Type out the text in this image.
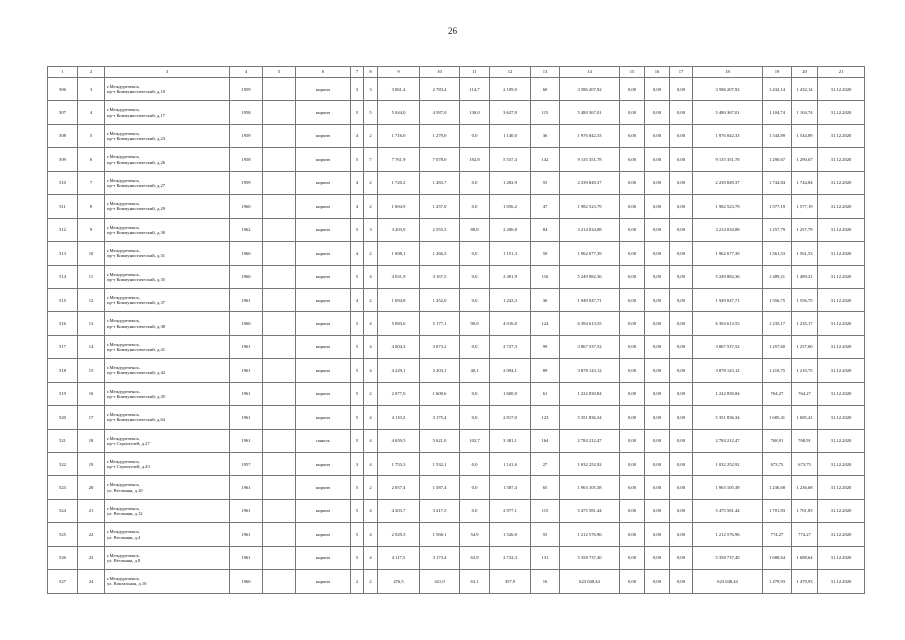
26
1	2	3	4	5	6	7	8	9	10	11	12	13	14	15	16	17	18	19	20	21
506	3	г.Междуреченск,
пр-т Коммунистический, д.10	1959		кирпич	3	3	3 861,4	2 783,4	114,7	2 109,0	60	3 586 207,92	0,00	0,00	0,00	3 586 207,92	1 432,14	1 432,14	31.12.2020
507	4	г.Междуреченск,
пр-т Коммунистический, д.17	1958		кирпич	5	5	5 044,0	4 587,0	130,0	3 627,9	115	5 480 367,01	0,00	0,00	0,00	5 480 367,01	1 104,74	1 104,74	31.12.2020
508	5	г.Междуреченск,
пр-т Коммунистический, д.23	1959		кирпич	4	2	1 716,0	1 279,0	0,0	1 140,0	36	1 976 842,33	0,00	0,00	0,00	1 976 842,33	1 544,89	1 544,89	31.12.2020
509	6	г.Междуреченск,
пр-т Коммунистический, д.26	1958		кирпич	5	7	7 761,9	7 078,0	192,8	5 537,4	142	9 135 351,78	0,00	0,00	0,00	9 135 351,78	1 290,67	1 290,67	31.12.2020
510	7	г.Междуреченск,
пр-т Коммунистический, д.27	1959		кирпич	4	2	1 720,2	1 283,7	0,0	1 282,9	55	2 239 849,37	0,00	0,00	0,00	2 239 849,37	1 744,84	1 744,84	31.12.2020
511	8	г.Междуреченск,
пр-т Коммунистический, д.29	1960		кирпич	4	2	1 694,9	1 257,0	0,0	1 056,2	47	1 982 523,79	0,00	0,00	0,00	1 982 523,79	1 577,19	1 577,19	31.12.2020
512	9	г.Междуреченск,
пр-т Коммунистический, д.30	1962		кирпич	5	3	3 203,9	2 555,3	88,8	2 206,8	84	3 214 034,88	0,00	0,00	0,00	3 214 034,88	1 257,79	1 257,79	31.12.2020
513	10	г.Междуреченск,
пр-т Коммунистический, д.31	1960		кирпич	4	2	1 698,1	1 266,3	0,0	1 151,3	50	1 962 677,39	0,00	0,00	0,00	1 962 677,39	1 561,53	1 561,53	31.12.2020
514	11	г.Междуреченск,
пр-т Коммунистический, д.35	1960		кирпич	5	4	4 031,9	3 167,5	0,0	2 491,9	116	5 249 882,36	0,00	0,00	0,00	5 249 882,36	1 489,21	1 489,21	31.12.2020
515	12	г.Междуреченск,
пр-т Коммунистический, д.37	1961		кирпич	4	2	1 694,8	1 252,0	0,0	1 243,3	36	1 949 047,71	0,00	0,00	0,00	1 949 047,71	1 556,75	1 556,75	31.12.2020
516	13	г.Междуреченск,
пр-т Коммунистический, д.38	1960		кирпич	5	4	5 083,6	5 177,1	90,9	4 016,0	124	6 394 613,55	0,00	0,00	0,00	6 394 613,55	1 235,17	1 235,17	31.12.2020
517	14	г.Междуреченск,
пр-т Коммунистический, д.41	1961		кирпич	5	4	4 004,3	3 073,2	0,0	2 727,3	99	3 867 537,52	0,00	0,00	0,00	3 867 537,52	1 257,60	1 257,60	31.12.2020
518	15	г.Междуреченск,
пр-т Коммунистический, д.42	1961		кирпич	5	4	4 229,1	3 203,1	40,1	2 094,1	89	3 878 143,12	0,00	0,00	0,00	3 878 143,12	1 210,75	1 210,75	31.12.2020
519	16	г.Междуреченск,
пр-т Коммунистический, д.45	1961		кирпич	5	2	2 077,0	1 600,6	0,0	1 600,0	61	1 222 830,84	0,00	0,00	0,00	1 222 830,84	764,27	764,27	31.12.2020
520	17	г.Междуреченск,
пр-т Коммунистический, д.64	1961		кирпич	5	4	4 110,2	3 175,4	0,0	2 817,0	123	5 351 836,34	0,00	0,00	0,00	5 351 836,34	1 685,41	1 685,41	31.12.2020
521	18	г.Междуреченск,
пр-т Строителей, д.27	1961		панель	5	4	4 659,5	3 621,0	102,7	3 381,1	164	2 784 212,47	0,00	0,00	0,00	2 784 212,47	768,91	768,91	31.12.2020
522	19	г.Междуреченск,
пр-т Строителей, д.43	1957		кирпич	3	4	1 753,3	1 532,1	0,0	1 141,6	27	1 032 252,92	0,00	0,00	0,00	1 032 252,92	673,75	673,75	31.12.2020
523	20	г.Междуреченск,
ул. Весенняя, д.10	1961		кирпич	5	2	2 057,4	1 587,4	0,0	1 587,4	65	1 963 105,38	0,00	0,00	0,00	1 963 105,38	1 236,68	1 236,68	31.12.2020
524	21	г.Междуреченск,
ул. Весенняя, д.12	1961		кирпич	5	4	4 203,7	3 217,5	0,0	2 977,1	115	5 475 581,44	0,00	0,00	0,00	5 475 581,44	1 701,83	1 701,83	31.12.2020
525	22	г.Междуреченск,
ул. Весенняя, д.4	1961		кирпич	5	4	2 029,3	1 566,1	54,9	1 526,0	55	1 212 576,96	0,00	0,00	0,00	1 212 576,96	774,27	774,27	31.12.2020
526	23	г.Междуреченск,
ул. Весенняя, д.8	1961		кирпич	5	4	4 117,5	3 173,4	63,9	2 722,3	131	5 358 737,40	0,00	0,00	0,00	5 358 737,40	1 688,64	1 688,64	31.12.2020
527	24	г.Междуреченск,
ул. Вокзальная, д.10	1960		кирпич	2	2	476,5	421,0	63,1	357,9	16	623 048,44	0,00	0,00	0,00	623 048,44	1 479,93	1 479,93	31.12.2020
